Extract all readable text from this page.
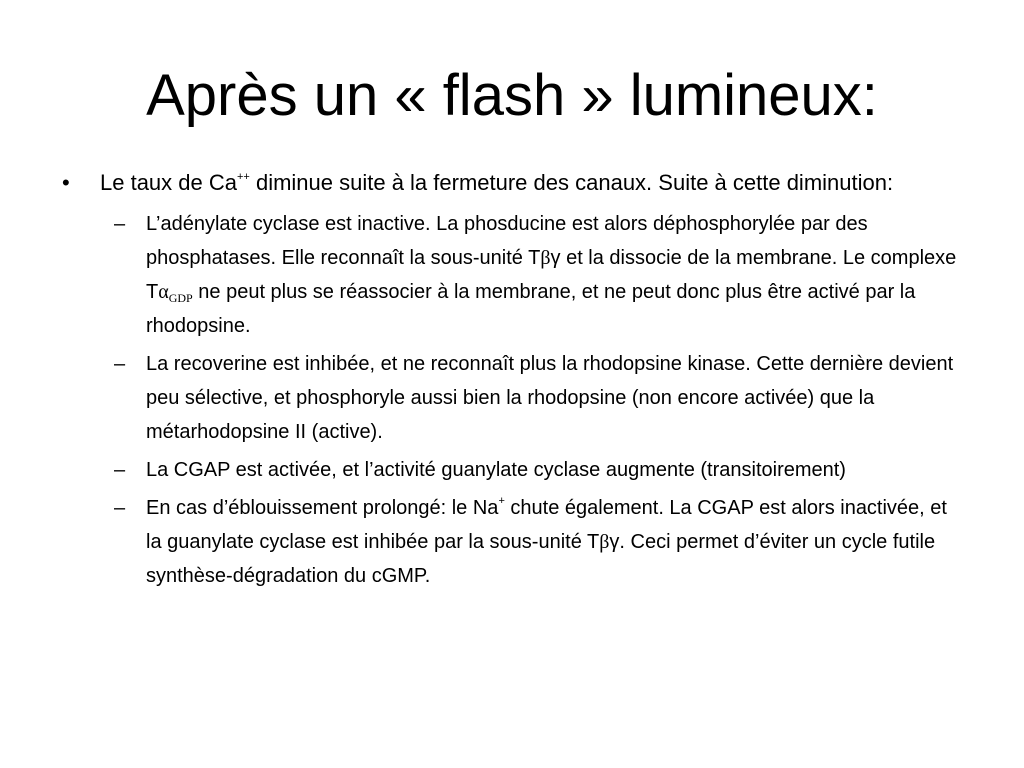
Après un « flash » lumineux:
• Le taux de Ca++ diminue suite à la fermeture des canaux. Suite à cette diminution:
– L’adénylate cyclase est inactive. La phosducine est alors déphosphorylée par des phosphatases. Elle reconnaît la sous-unité Tβγ et la dissocie de la membrane. Le complexe $T\alpha_{GDP}$ ne peut plus se réassocier à la membrane, et ne peut donc plus être activé par la rhodopsine.
– La recoverine est inhibée, et ne reconnaît plus la rhodopsine kinase. Cette dernière devient peu sélective, et phosphoryle aussi bien la rhodopsine (non encore activée) que la métarhodopsine II (active).
– La CGAP est activée, et l’activité guanylate cyclase augmente (transitoirement)
– En cas d’éblouissement prolongé: le Na+ chute également. La CGAP est alors inactivée, et la guanylate cyclase est inhibée par la sous-unité Tβγ. Ceci permet d’éviter un cycle futile synthèse-dégradation du cGMP.
